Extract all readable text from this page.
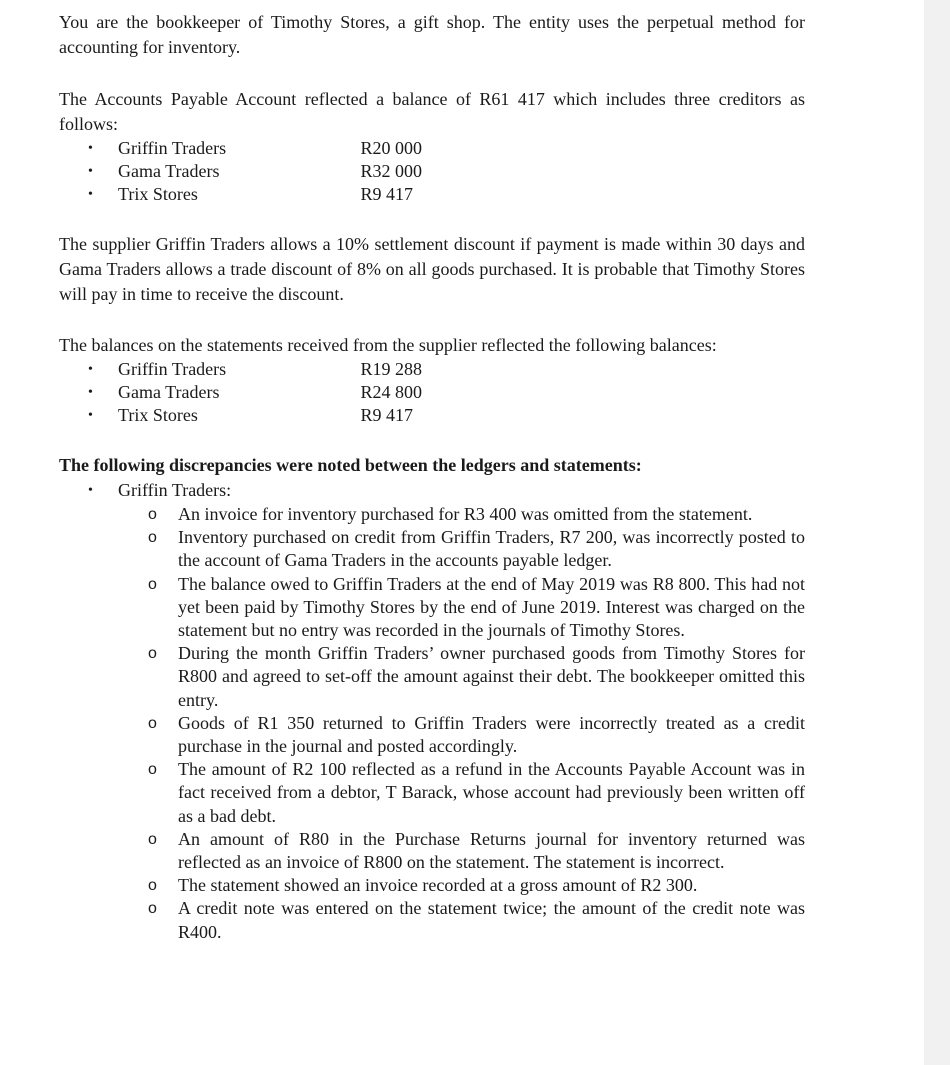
You are the bookkeeper of Timothy Stores, a gift shop. The entity uses the perpetual method for accounting for inventory.

The Accounts Payable Account reflected a balance of R61 417 which includes three creditors as follows:

• Griffin Traders	R20 000
• Gama Traders	R32 000
• Trix Stores	R9 417

The supplier Griffin Traders allows a 10% settlement discount if payment is made within 30 days and Gama Traders allows a trade discount of 8% on all goods purchased. It is probable that Timothy Stores will pay in time to receive the discount.

The balances on the statements received from the supplier reflected the following balances:

• Griffin Traders	R19 288
• Gama Traders	R24 800
• Trix Stores	R9 417

The following discrepancies were noted between the ledgers and statements:

• Griffin Traders:
o An invoice for inventory purchased for R3 400 was omitted from the statement.
o Inventory purchased on credit from Griffin Traders, R7 200, was incorrectly posted to the account of Gama Traders in the accounts payable ledger.
o The balance owed to Griffin Traders at the end of May 2019 was R8 800. This had not yet been paid by Timothy Stores by the end of June 2019. Interest was charged on the statement but no entry was recorded in the journals of Timothy Stores.
o During the month Griffin Traders’ owner purchased goods from Timothy Stores for R800 and agreed to set-off the amount against their debt. The bookkeeper omitted this entry.
o Goods of R1 350 returned to Griffin Traders were incorrectly treated as a credit purchase in the journal and posted accordingly.
o The amount of R2 100 reflected as a refund in the Accounts Payable Account was in fact received from a debtor, T Barack, whose account had previously been written off as a bad debt.
o An amount of R80 in the Purchase Returns journal for inventory returned was reflected as an invoice of R800 on the statement. The statement is incorrect.
o The statement showed an invoice recorded at a gross amount of R2 300.
o A credit note was entered on the statement twice; the amount of the credit note was R400.
